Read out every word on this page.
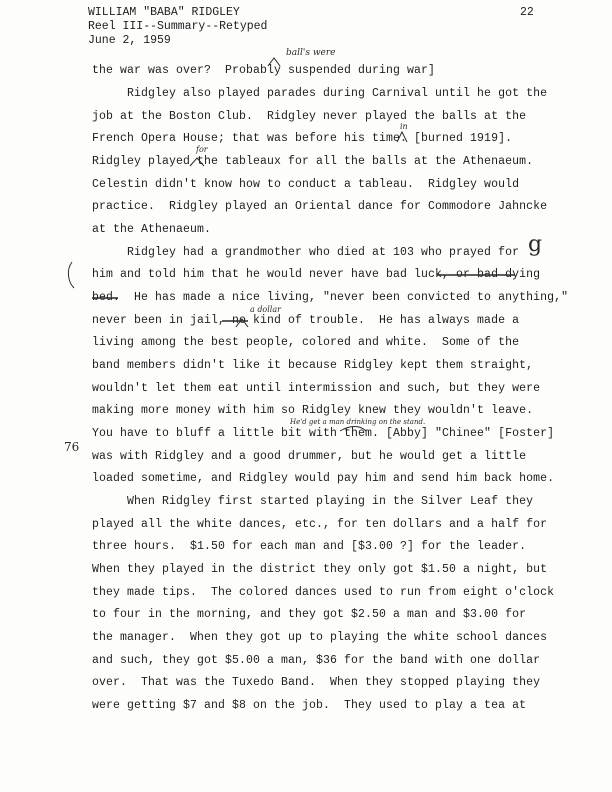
WILLIAM "BABA" RIDGLEY
Reel III--Summary--Retyped
June 2, 1959
22
the war was over?  Probably suspended during war]
Ridgley also played parades during Carnival until he got the
job at the Boston Club.  Ridgley never played the balls at the
French Opera House; that was before his time. [burned 1919].
Ridgley played the tableaux for all the balls at the Athenaeum.
Celestin didn't know how to conduct a tableau.  Ridgley would
practice.  Ridgley played an Oriental dance for Commodore Jahncke
at the Athenaeum.
Ridgley had a grandmother who died at 103 who prayed for
him and told him that he would never have bad luck, or bad dying
bed.  He has made a nice living, "never been convicted to anything,"
never been in jail, no kind of trouble.  He has always made a
living among the best people, colored and white.  Some of the
band members didn't like it because Ridgley kept them straight,
wouldn't let them eat until intermission and such, but they were
making more money with him so Ridgley knew they wouldn't leave.
You have to bluff a little bit with them. [Abby] "Chinee" [Foster]
was with Ridgley and a good drummer, but he would get a little
loaded sometime, and Ridgley would pay him and send him back home.
When Ridgley first started playing in the Silver Leaf they
played all the white dances, etc., for ten dollars and a half for
three hours.  $1.50 for each man and [$3.00 ?] for the leader.
When they played in the district they only got $1.50 a night, but
they made tips.  The colored dances used to run from eight o'clock
to four in the morning, and they got $2.50 a man and $3.00 for
the manager.  When they got up to playing the white school dances
and such, they got $5.00 a man, $36 for the band with one dollar
over.  That was the Tuxedo Band.  When they stopped playing they
were getting $7 and $8 on the job.  They used to play a tea at
ball's were
in
for
a dollar
He'd get a man drinking on the stand.
g
76
